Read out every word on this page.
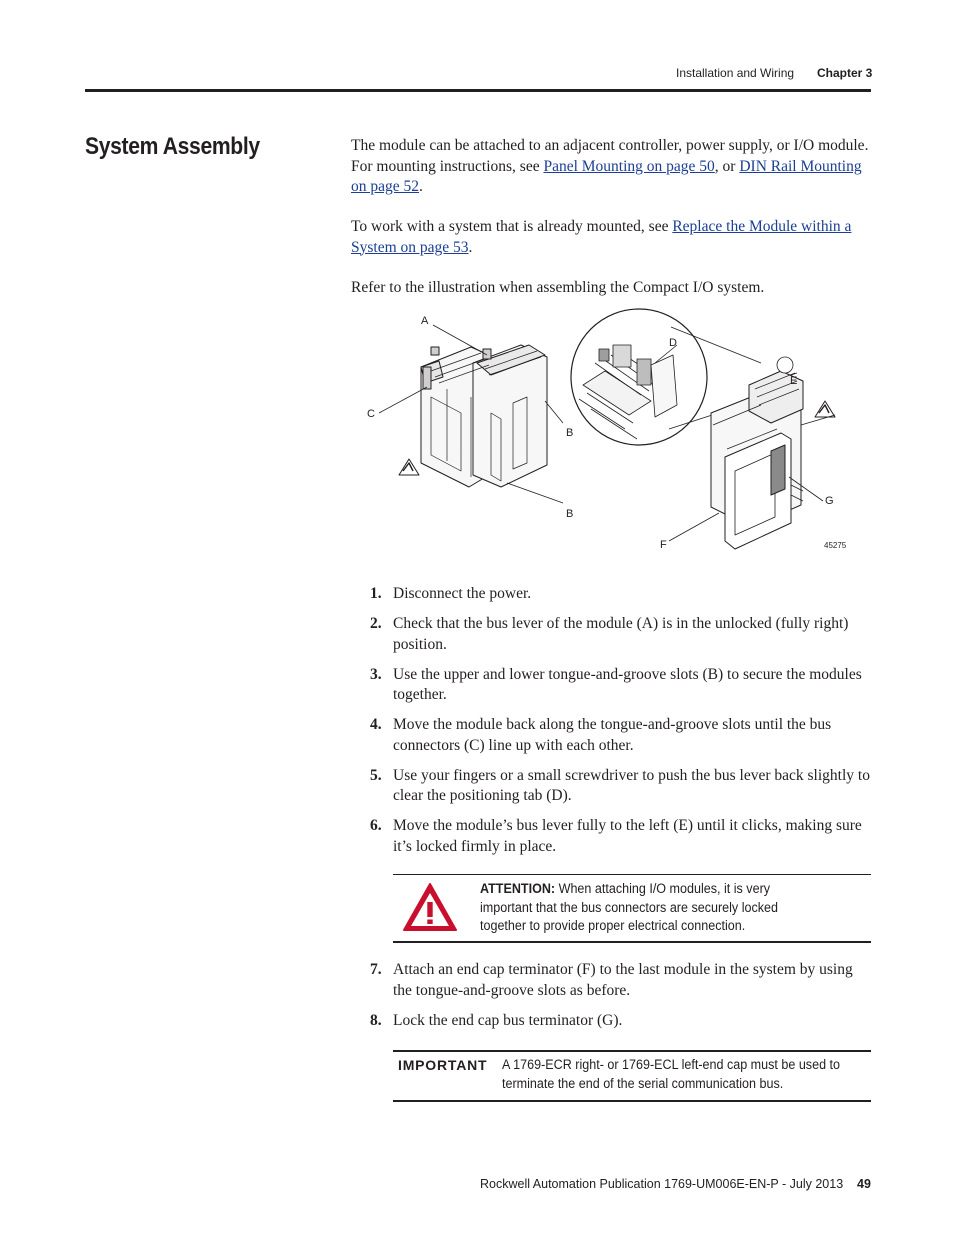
Installation and Wiring Chapter 3
System Assembly	The module can be attached to an adjacent controller, power supply, or I/O module. For mounting instructions, see Panel Mounting on page 50, or DIN Rail Mounting on page 52.

To work with a system that is already mounted, see Replace the Module within a System on page 53.

Refer to the illustration when assembling the Compact I/O system.

A
C
B
B
D
E
G
F	45275
1. Disconnect the power.
2. Check that the bus lever of the module (A) is in the unlocked (fully right) position.
3. Use the upper and lower tongue-and-groove slots (B) to secure the modules together.
4. Move the module back along the tongue-and-groove slots until the bus connectors (C) line up with each other.
5. Use your fingers or a small screwdriver to push the bus lever back slightly to clear the positioning tab (D).
6. Move the module’s bus lever fully to the left (E) until it clicks, making sure it’s locked firmly in place.
ATTENTION: When attaching I/O modules, it is very important that the bus connectors are securely locked together to provide proper electrical connection.
7. Attach an end cap terminator (F) to the last module in the system by using the tongue-and-groove slots as before.
8. Lock the end cap bus terminator (G).
IMPORTANT A 1769-ECR right- or 1769-ECL left-end cap must be used to terminate the end of the serial communication bus.
Rockwell Automation Publication 1769-UM006E-EN-P - July 2013 49
